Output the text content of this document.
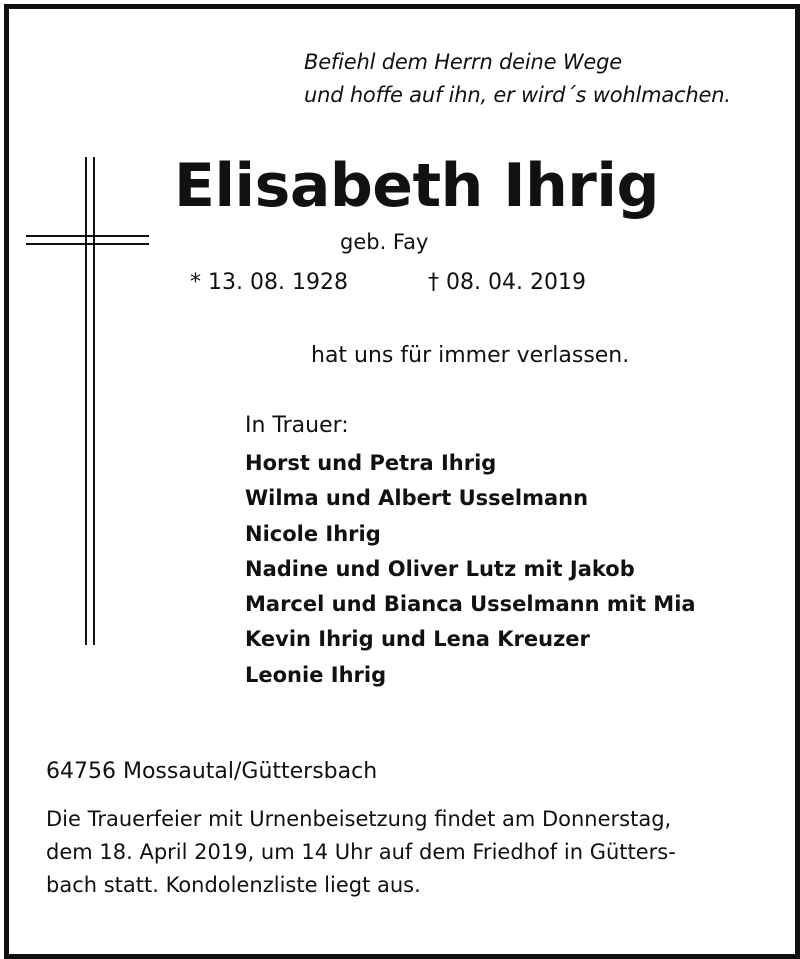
Befiehl dem Herrn deine Wege
und hoffe auf ihn, er wird´s wohlmachen.
Elisabeth Ihrig
geb. Fay
* 13. 08. 1928	† 08. 04. 2019
hat uns für immer verlassen.
In Trauer:
Horst und Petra Ihrig
Wilma und Albert Usselmann
Nicole Ihrig
Nadine und Oliver Lutz mit Jakob
Marcel und Bianca Usselmann mit Mia
Kevin Ihrig und Lena Kreuzer
Leonie Ihrig
64756 Mossautal/Güttersbach
Die Trauerfeier mit Urnenbeisetzung findet am Donnerstag,
dem 18. April 2019, um 14 Uhr auf dem Friedhof in Gütters-
bach statt. Kondolenzliste liegt aus.
